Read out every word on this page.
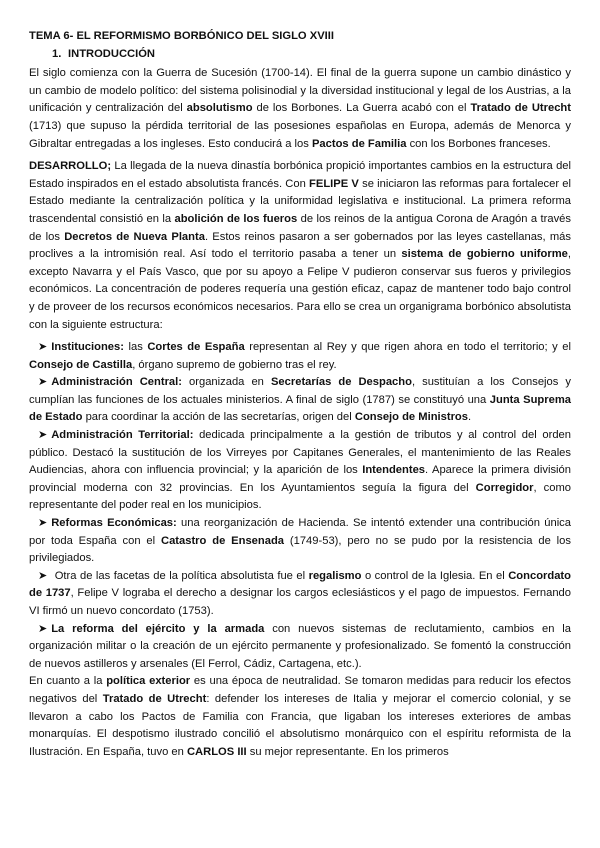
TEMA 6- EL REFORMISMO BORBÓNICO DEL SIGLO XVIII
1. INTRODUCCIÓN

El siglo comienza con la Guerra de Sucesión (1700-14). El final de la guerra supone un cambio dinástico y un cambio de modelo político: del sistema polisinodial y la diversidad institucional y legal de los Austrias, a la unificación y centralización del absolutismo de los Borbones. La Guerra acabó con el Tratado de Utrecht (1713) que supuso la pérdida territorial de las posesiones españolas en Europa, además de Menorca y Gibraltar entregadas a los ingleses. Esto conducirá a los Pactos de Familia con los Borbones franceses.

DESARROLLO; La llegada de la nueva dinastía borbónica propició importantes cambios en la estructura del Estado inspirados en el estado absolutista francés. Con FELIPE V se iniciaron las reformas para fortalecer el Estado mediante la centralización política y la uniformidad legislativa e institucional. La primera reforma trascendental consistió en la abolición de los fueros de los reinos de la antigua Corona de Aragón a través de los Decretos de Nueva Planta. Estos reinos pasaron a ser gobernados por las leyes castellanas, más proclives a la intromisión real. Así todo el territorio pasaba a tener un sistema de gobierno uniforme, excepto Navarra y el País Vasco, que por su apoyo a Felipe V pudieron conservar sus fueros y privilegios económicos. La concentración de poderes requería una gestión eficaz, capaz de mantener todo bajo control y de proveer de los recursos económicos necesarios. Para ello se crea un organigrama borbónico absolutista con la siguiente estructura:

➤ Instituciones: las Cortes de España representan al Rey y que rigen ahora en todo el territorio; y el Consejo de Castilla, órgano supremo de gobierno tras el rey.

➤ Administración Central: organizada en Secretarías de Despacho, sustituían a los Consejos y cumplían las funciones de los actuales ministerios. A final de siglo (1787) se constituyó una Junta Suprema de Estado para coordinar la acción de las secretarías, origen del Consejo de Ministros.

➤ Administración Territorial: dedicada principalmente a la gestión de tributos y al control del orden público. Destacó la sustitución de los Virreyes por Capitanes Generales, el mantenimiento de las Reales Audiencias, ahora con influencia provincial; y la aparición de los Intendentes. Aparece la primera división provincial moderna con 32 provincias. En los Ayuntamientos seguía la figura del Corregidor, como representante del poder real en los municipios.

➤ Reformas Económicas: una reorganización de Hacienda. Se intentó extender una contribución única por toda España con el Catastro de Ensenada (1749-53), pero no se pudo por la resistencia de los privilegiados.

➤ Otra de las facetas de la política absolutista fue el regalismo o control de la Iglesia. En el Concordato de 1737, Felipe V lograba el derecho a designar los cargos eclesiásticos y el pago de impuestos. Fernando VI firmó un nuevo concordato (1753).

➤ La reforma del ejército y la armada con nuevos sistemas de reclutamiento, cambios en la organización militar o la creación de un ejército permanente y profesionalizado. Se fomentó la construcción de nuevos astilleros y arsenales (El Ferrol, Cádiz, Cartagena, etc.).

En cuanto a la política exterior es una época de neutralidad. Se tomaron medidas para reducir los efectos negativos del Tratado de Utrecht: defender los intereses de Italia y mejorar el comercio colonial, y se llevaron a cabo los Pactos de Familia con Francia, que ligaban los intereses exteriores de ambas monarquías. El despotismo ilustrado concilió el absolutismo monárquico con el espíritu reformista de la Ilustración. En España, tuvo en CARLOS III su mejor representante. En los primeros
